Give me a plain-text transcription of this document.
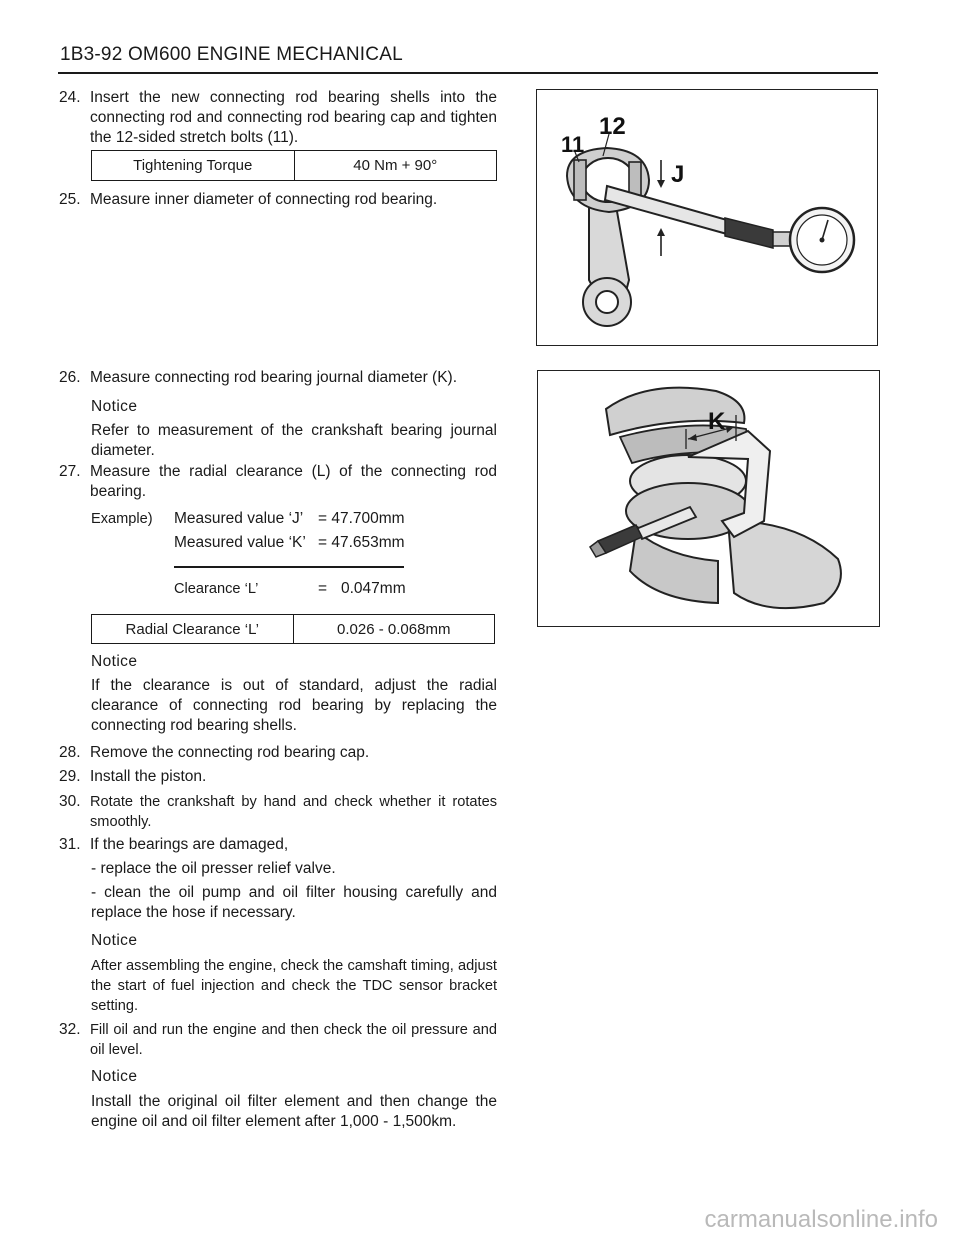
1B3-92 OM600 ENGINE MECHANICAL
24. Insert the new connecting rod bearing shells into the connecting rod and connecting rod bearing cap and tighten the 12-sided stretch bolts (11).
Tightening Torque	40 Nm + 90°
25. Measure inner diameter of connecting rod bearing.
11
12
J
26. Measure connecting rod bearing journal diameter (K).
Notice
Refer to measurement of the crankshaft bearing journal diameter.
K
27. Measure the radial clearance (L) of the connecting rod bearing.
Example) Measured value ‘J’ = 47.700mm
Measured value ‘K’ = 47.653mm
Clearance ‘L’	= 0.047mm
Radial Clearance ‘L’	0.026 - 0.068mm
Notice
If the clearance is out of standard, adjust the radial clearance of connecting rod bearing by replacing the connecting rod bearing shells.
28. Remove the connecting rod bearing cap.
29. Install the piston.
30. Rotate the crankshaft by hand and check whether it rotates smoothly.
31. If the bearings are damaged,
- replace the oil presser relief valve.
- clean the oil pump and oil filter housing carefully and replace the hose if necessary.
Notice
After assembling the engine, check the camshaft timing, adjust the start of fuel injection and check the TDC sensor bracket setting.
32. Fill oil and run the engine and then check the oil pressure and oil level.
Notice
Install the original oil filter element and then change the engine oil and oil filter element after 1,000 - 1,500km.
carmanualsonline.info
